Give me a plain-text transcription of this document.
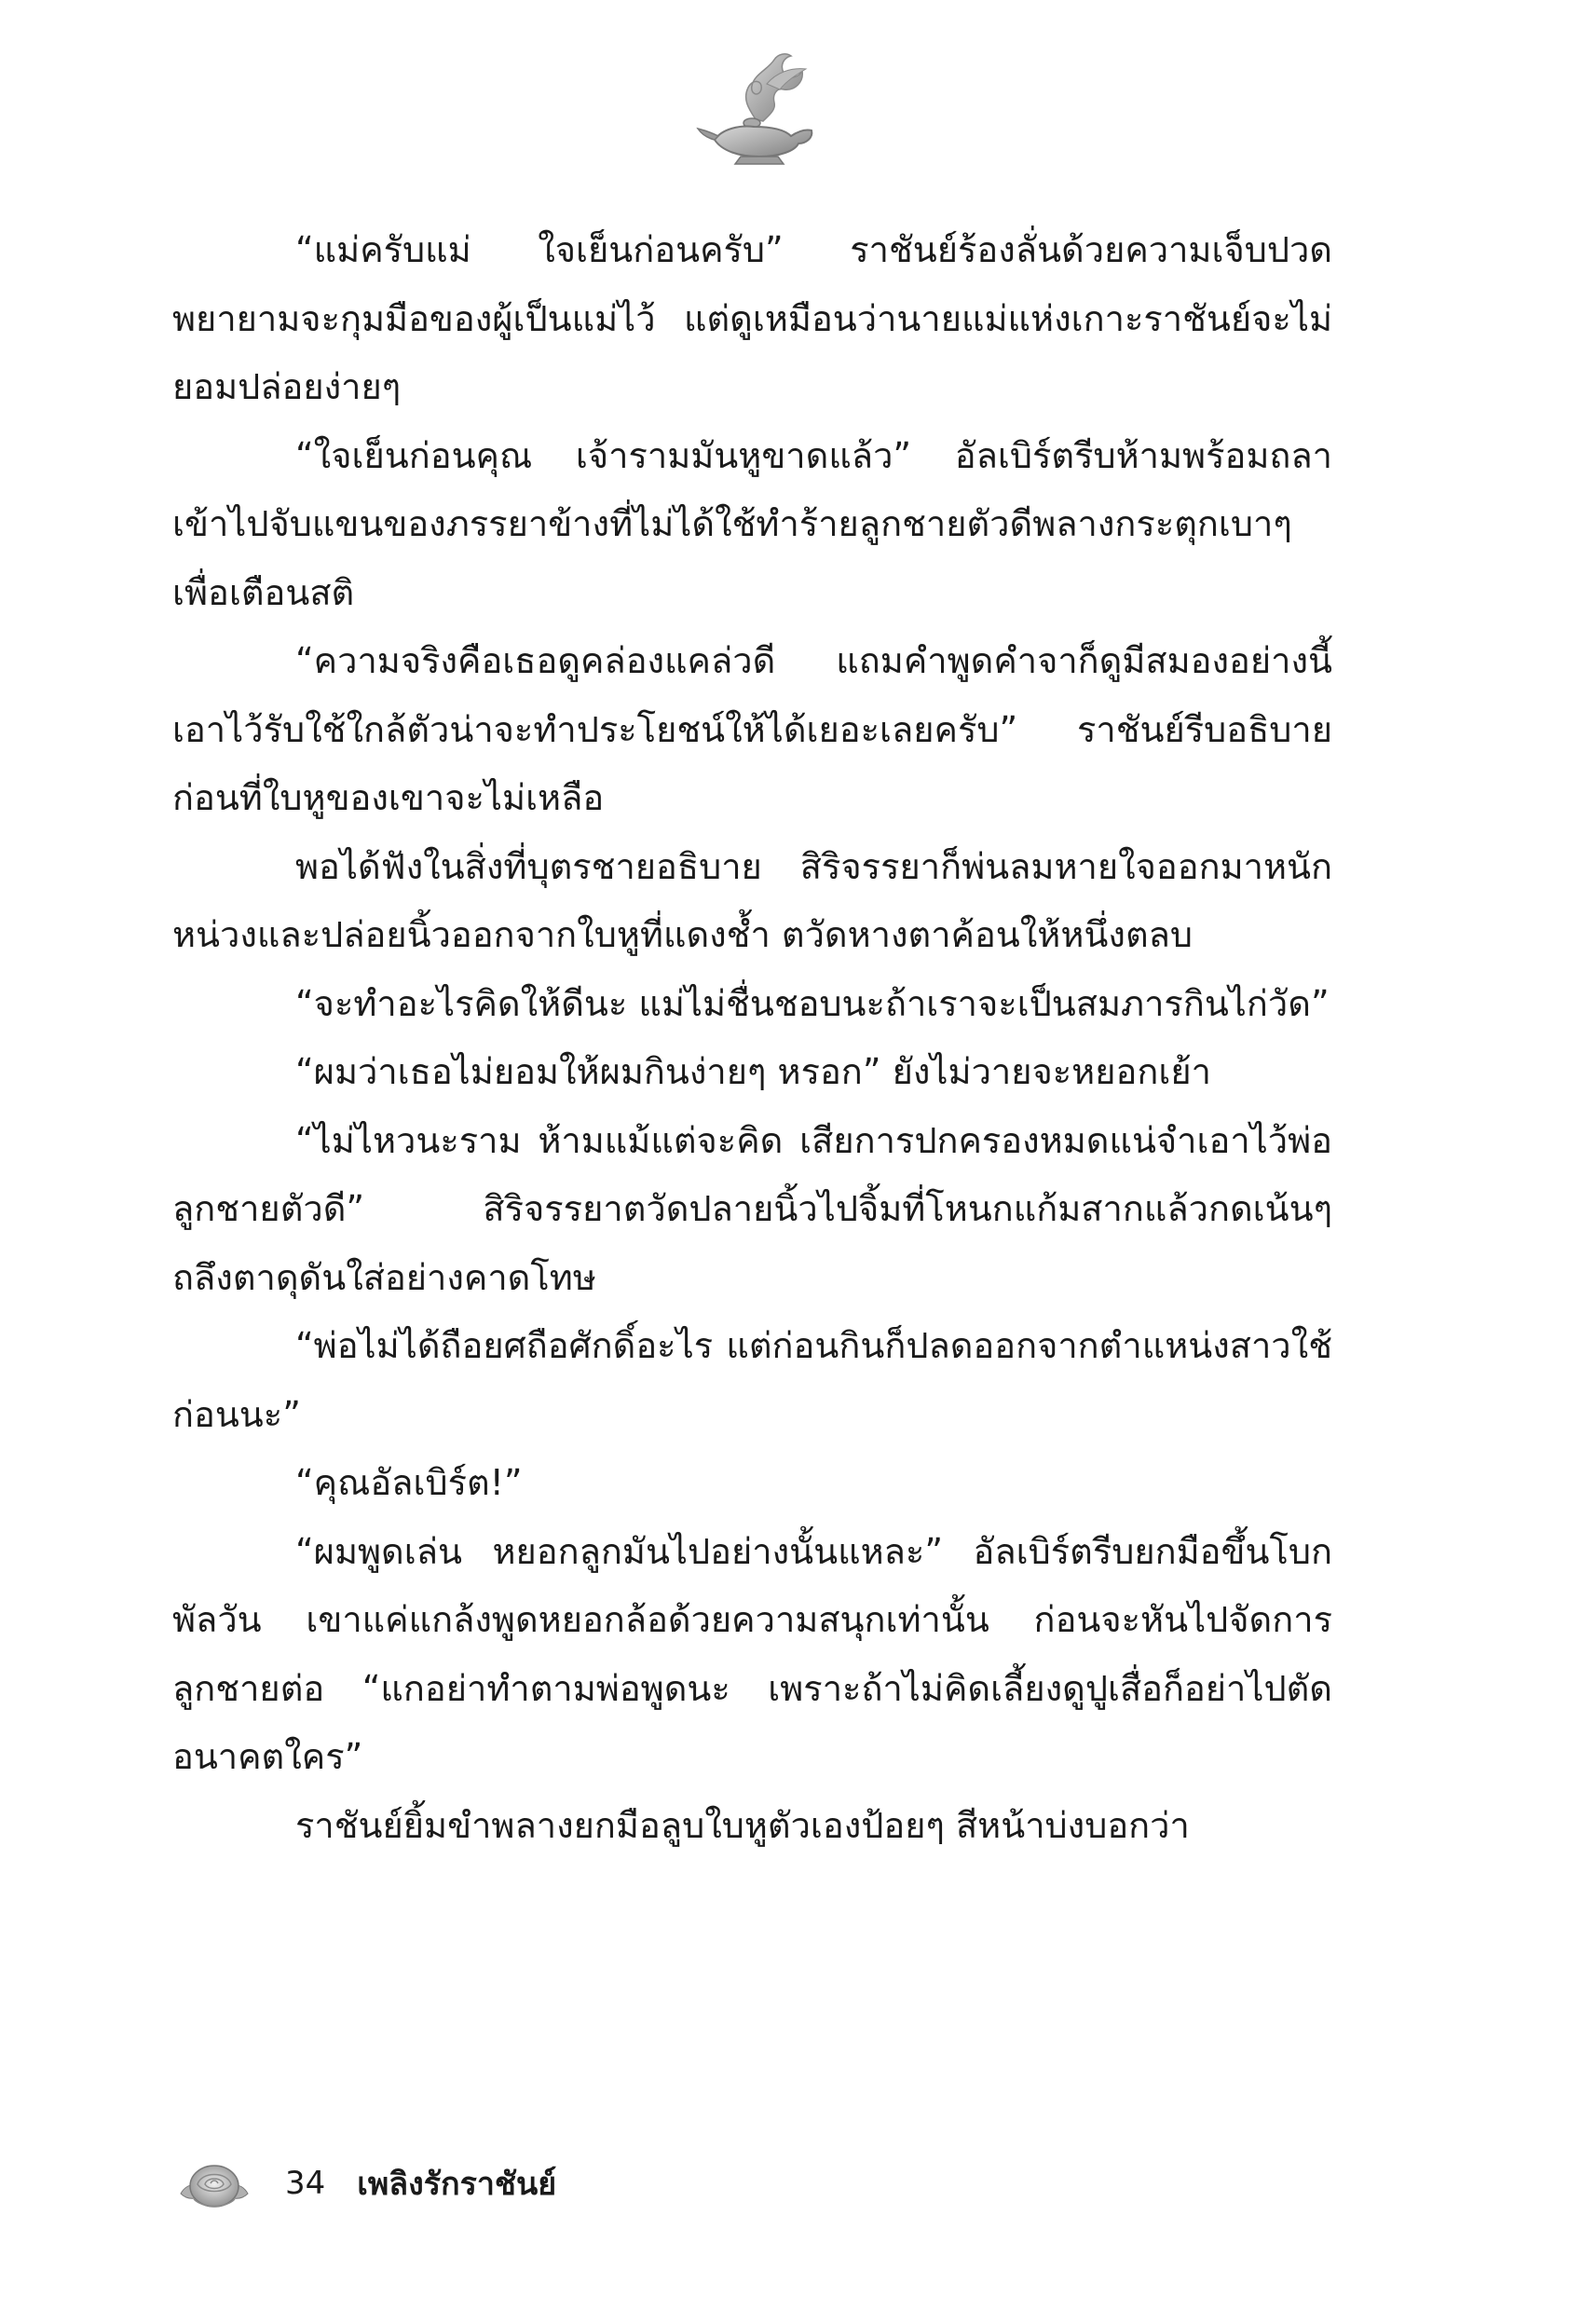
“แม่ครับแม่ ใจเย็นก่อนครับ” ราชันย์ร้องลั่นด้วยความเจ็บปวด พยายามจะกุมมือของผู้เป็นแม่ไว้ แต่ดูเหมือนว่านายแม่แห่งเกาะราชันย์จะไม่ยอมปล่อยง่ายๆ

“ใจเย็นก่อนคุณ เจ้ารามมันหูขาดแล้ว” อัลเบิร์ตรีบห้ามพร้อมถลาเข้าไปจับแขนของภรรยาข้างที่ไม่ได้ใช้ทำร้ายลูกชายตัวดีพลางกระตุกเบาๆ เพื่อเตือนสติ

“ความจริงคือเธอดูคล่องแคล่วดี แถมคำพูดคำจาก็ดูมีสมองอย่างนี้เอาไว้รับใช้ใกล้ตัวน่าจะทำประโยชน์ให้ได้เยอะเลยครับ” ราชันย์รีบอธิบายก่อนที่ใบหูของเขาจะไม่เหลือ

พอได้ฟังในสิ่งที่บุตรชายอธิบาย สิริจรรยาก็พ่นลมหายใจออกมาหนักหน่วงและปล่อยนิ้วออกจากใบหูที่แดงช้ำ ตวัดหางตาค้อนให้หนึ่งตลบ

“จะทำอะไรคิดให้ดีนะ แม่ไม่ชื่นชอบนะถ้าเราจะเป็นสมภารกินไก่วัด”

“ผมว่าเธอไม่ยอมให้ผมกินง่ายๆ หรอก” ยังไม่วายจะหยอกเย้า

“ไม่ไหวนะราม ห้ามแม้แต่จะคิด เสียการปกครองหมดแน่จำเอาไว้พ่อลูกชายตัวดี” สิริจรรยาตวัดปลายนิ้วไปจิ้มที่โหนกแก้มสากแล้วกดเน้นๆ ถลึงตาดุดันใส่อย่างคาดโทษ

“พ่อไม่ได้ถือยศถือศักดิ์อะไร แต่ก่อนกินก็ปลดออกจากตำแหน่งสาวใช้ก่อนนะ”

“คุณอัลเบิร์ต!”

“ผมพูดเล่น หยอกลูกมันไปอย่างนั้นแหละ” อัลเบิร์ตรีบยกมือขึ้นโบกพัลวัน เขาแค่แกล้งพูดหยอกล้อด้วยความสนุกเท่านั้น ก่อนจะหันไปจัดการลูกชายต่อ “แกอย่าทำตามพ่อพูดนะ เพราะถ้าไม่คิดเลี้ยงดูปูเสื่อก็อย่าไปตัดอนาคตใคร”

ราชันย์ยิ้มขำพลางยกมือลูบใบหูตัวเองป้อยๆ สีหน้าบ่งบอกว่า

34 เพลิงรักราชันย์
